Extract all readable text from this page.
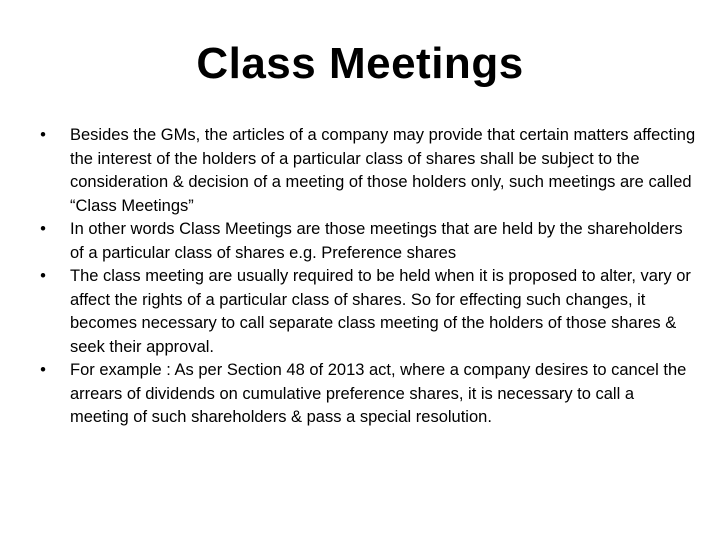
Class Meetings
• Besides the GMs, the articles of a company may provide that certain matters affecting the interest of the holders of a particular class of shares shall be subject to the consideration & decision of a meeting of those holders only, such meetings are called “Class Meetings”
• In other words Class Meetings are those meetings that are held by the shareholders of a particular class of shares e.g. Preference shares
• The class meeting are usually required to be held when it is proposed to alter, vary or affect the rights of a particular class of shares. So for effecting such changes, it becomes necessary to call separate class meeting of the holders of those shares & seek their approval.
• For example : As per Section 48 of 2013 act, where a company desires to cancel the arrears of dividends on cumulative preference shares, it is necessary to call a meeting of such shareholders & pass a special resolution.
